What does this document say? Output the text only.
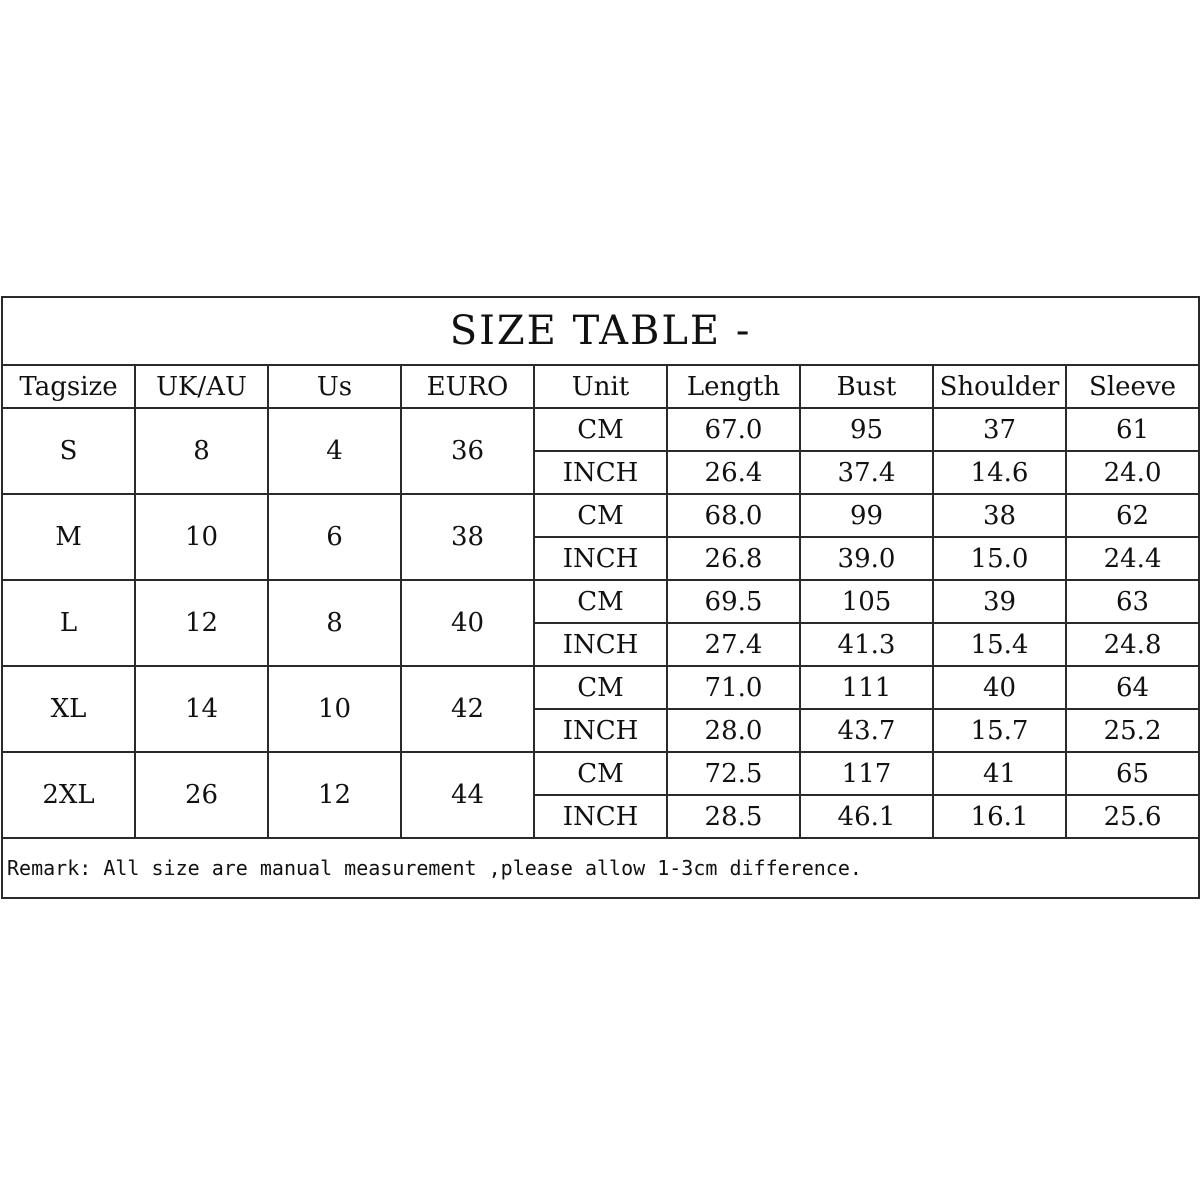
SIZE TABLE -								
Tagsize	UK/AU	Us	EURO	Unit	Length	Bust	Shoulder	Sleeve
S	8	4	36	CM	67.0	95	37	61
				INCH	26.4	37.4	14.6	24.0
M	10	6	38	CM	68.0	99	38	62
				INCH	26.8	39.0	15.0	24.4
L	12	8	40	CM	69.5	105	39	63
				INCH	27.4	41.3	15.4	24.8
XL	14	10	42	CM	71.0	111	40	64
				INCH	28.0	43.7	15.7	25.2
2XL	26	12	44	CM	72.5	117	41	65
				INCH	28.5	46.1	16.1	25.6
Remark: All size are manual measurement ,please allow 1-3cm difference.								
